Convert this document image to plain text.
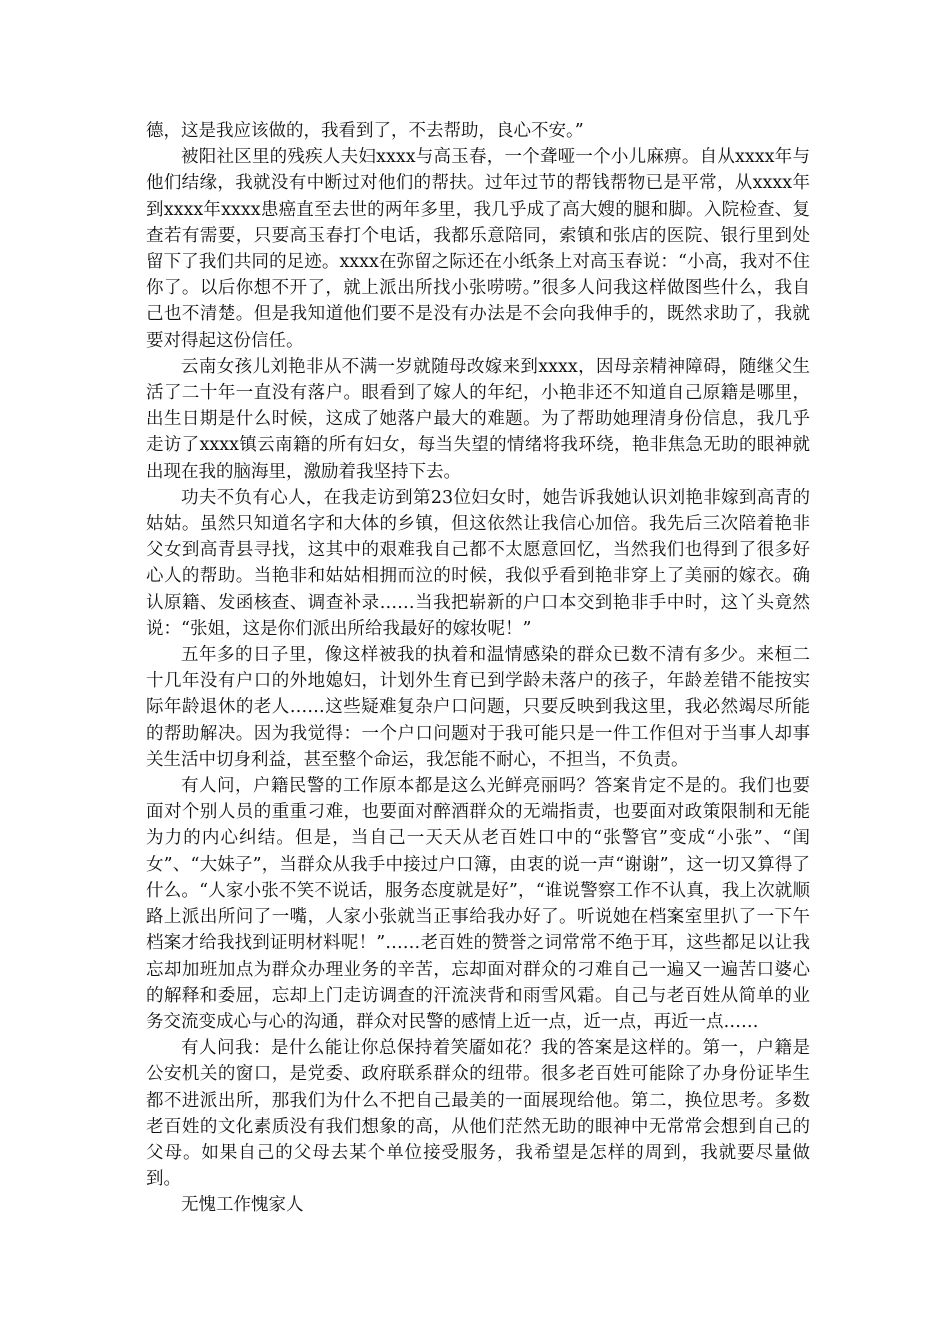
德，这是我应该做的，我看到了，不去帮助，良心不安。”

被阳社区里的残疾人夫妇xxxx与高玉春，一个聋哑一个小儿麻痹。自从xxxx年与他们结缘，我就没有中断过对他们的帮扶。过年过节的帮钱帮物已是平常，从xxxx年到xxxx年xxxx患癌直至去世的两年多里，我几乎成了高大嫂的腿和脚。入院检查、复查若有需要，只要高玉春打个电话，我都乐意陪同，索镇和张店的医院、银行里到处留下了我们共同的足迹。xxxx在弥留之际还在小纸条上对高玉春说：“小高，我对不住你了。以后你想不开了，就上派出所找小张唠唠。”很多人问我这样做图些什么，我自己也不清楚。但是我知道他们要不是没有办法是不会向我伸手的，既然求助了，我就要对得起这份信任。

云南女孩儿刘艳非从不满一岁就随母改嫁来到xxxx，因母亲精神障碍，随继父生活了二十年一直没有落户。眼看到了嫁人的年纪，小艳非还不知道自己原籍是哪里，出生日期是什么时候，这成了她落户最大的难题。为了帮助她理清身份信息，我几乎走访了xxxx镇云南籍的所有妇女，每当失望的情绪将我环绕，艳非焦急无助的眼神就出现在我的脑海里，激励着我坚持下去。

功夫不负有心人，在我走访到第23位妇女时，她告诉我她认识刘艳非嫁到高青的姑姑。虽然只知道名字和大体的乡镇，但这依然让我信心加倍。我先后三次陪着艳非父女到高青县寻找，这其中的艰难我自己都不太愿意回忆，当然我们也得到了很多好心人的帮助。当艳非和姑姑相拥而泣的时候，我似乎看到艳非穿上了美丽的嫁衣。确认原籍、发函核查、调查补录……当我把崭新的户口本交到艳非手中时，这丫头竟然说：“张姐，这是你们派出所给我最好的嫁妆呢！”

五年多的日子里，像这样被我的执着和温情感染的群众已数不清有多少。来桓二十几年没有户口的外地媳妇，计划外生育已到学龄未落户的孩子，年龄差错不能按实际年龄退休的老人……这些疑难复杂户口问题，只要反映到我这里，我必然竭尽所能的帮助解决。因为我觉得：一个户口问题对于我可能只是一件工作但对于当事人却事关生活中切身利益，甚至整个命运，我怎能不耐心，不担当，不负责。

有人问，户籍民警的工作原本都是这么光鲜亮丽吗？答案肯定不是的。我们也要面对个别人员的重重刁难，也要面对醉酒群众的无端指责，也要面对政策限制和无能为力的内心纠结。但是，当自己一天天从老百姓口中的“张警官”变成“小张”、“闺女”、“大妹子”，当群众从我手中接过户口簿，由衷的说一声“谢谢”，这一切又算得了什么。“人家小张不笑不说话，服务态度就是好”，“谁说警察工作不认真，我上次就顺路上派出所问了一嘴，人家小张就当正事给我办好了。听说她在档案室里扒了一下午档案才给我找到证明材料呢！”……老百姓的赞誉之词常常不绝于耳，这些都足以让我忘却加班加点为群众办理业务的辛苦，忘却面对群众的刁难自己一遍又一遍苦口婆心的解释和委屈，忘却上门走访调查的汗流浃背和雨雪风霜。自己与老百姓从简单的业务交流变成心与心的沟通，群众对民警的感情上近一点，近一点，再近一点……

有人问我：是什么能让你总保持着笑靥如花？我的答案是这样的。第一，户籍是公安机关的窗口，是党委、政府联系群众的纽带。很多老百姓可能除了办身份证毕生都不进派出所，那我们为什么不把自己最美的一面展现给他。第二，换位思考。多数老百姓的文化素质没有我们想象的高，从他们茫然无助的眼神中无常常会想到自己的父母。如果自己的父母去某个单位接受服务，我希望是怎样的周到，我就要尽量做到。

无愧工作愧家人
